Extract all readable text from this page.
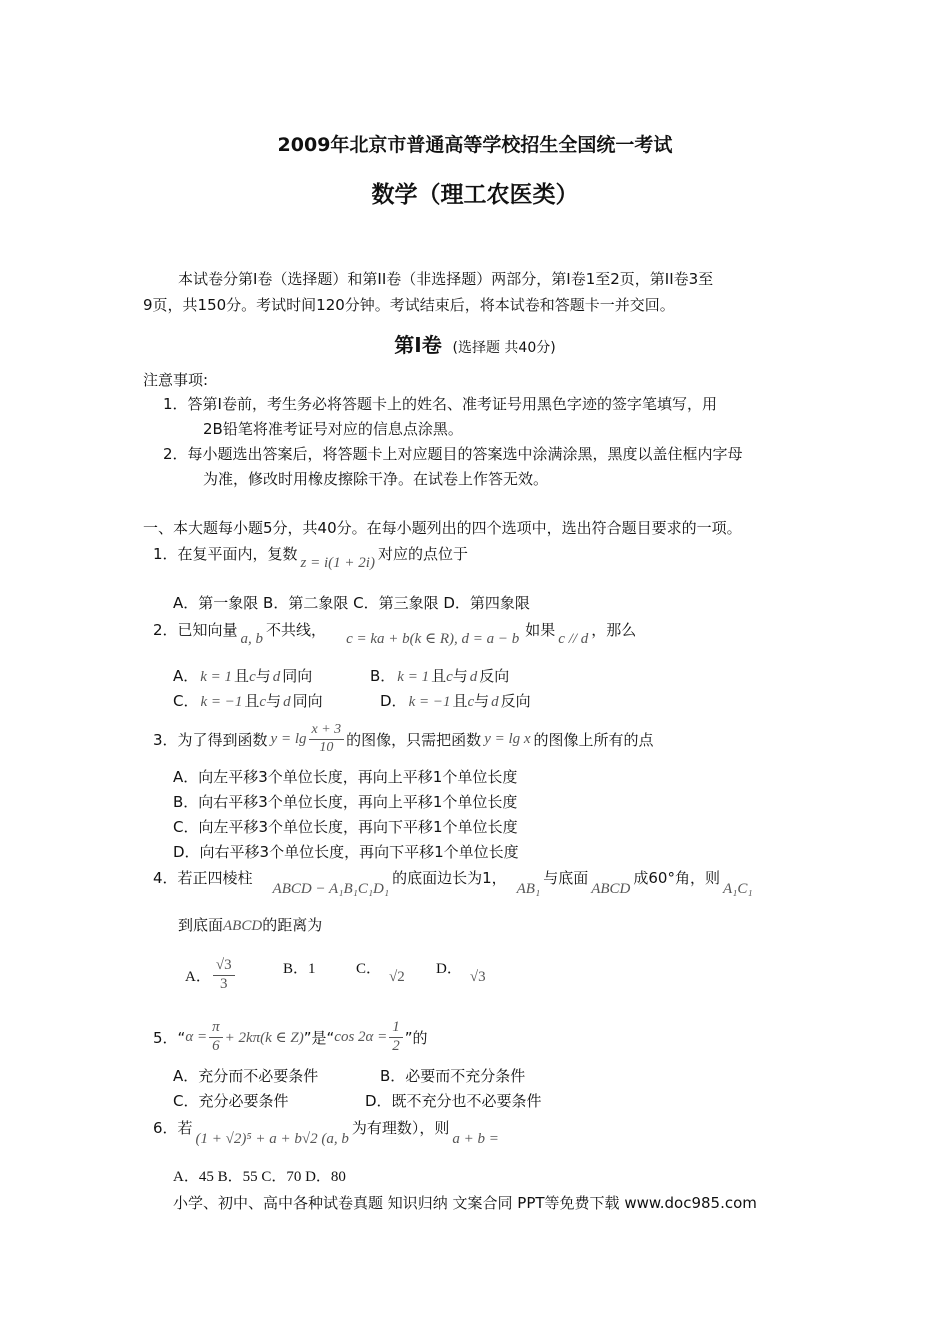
2009年北京市普通高等学校招生全国统一考试
数学（理工农医类）
本试卷分第I卷（选择题）和第II卷（非选择题）两部分，第I卷1至2页，第II卷3至
9页，共150分。考试时间120分钟。考试结束后，将本试卷和答题卡一并交回。
第I卷 (选择题 共40分)
注意事项:
1．答第I卷前，考生务必将答题卡上的姓名、准考证号用黑色字迹的签字笔填写，用
2B铅笔将准考证号对应的信息点涂黑。
2．每小题选出答案后，将答题卡上对应题目的答案选中涂满涂黑，黑度以盖住框内字母
为准，修改时用橡皮擦除干净。在试卷上作答无效。
一、本大题每小题5分，共40分。在每小题列出的四个选项中，选出符合题目要求的一项。
1．在复平面内，复数 z = i(1 + 2i) 对应的点位于
A．第一象限 B．第二象限 C．第三象限 D．第四象限
2．已知向量 a, b 不共线， c = ka + b(k ∈ R), d = a − b 如果 c // d ，那么
A． k = 1 且c与 d 同向	B． k = 1 且c与 d 反向
C． k = −1 且c与 d 同向	D． k = −1 且c与 d 反向
3．为了得到函数 $y = \lg \frac{x + 3}{10}$ 的图像，只需把函数 y = lg x 的图像上所有的点
A．向左平移3个单位长度，再向上平移1个单位长度
B．向右平移3个单位长度，再向上平移1个单位长度
C．向左平移3个单位长度，再向下平移1个单位长度
D．向右平移3个单位长度，再向下平移1个单位长度
4．若正四棱柱ABCD − A₁B₁C₁D₁的底面边长为1，AB₁与底面ABCD成60°角，则A₁C₁
到底面ABCD的距离为
A． $\frac{√3}{3}$	B．1	C． √2 D． √3
5．“ $\alpha = \frac{\pi}{6} + 2k\pi(k$ ∈ Z) ”是“ $\cos 2\alpha = \frac{1}{2}$ ”的
A．充分而不必要条件	B．必要而不充分条件
C．充分必要条件	D．既不充分也不必要条件
6．若(1 + √2)⁵ + a + b√2 (a, b为有理数），则a + b =
A．45 B．55 C．70 D．80
小学、初中、高中各种试卷真题 知识归纳 文案合同 PPT等免费下载 www.doc985.com
